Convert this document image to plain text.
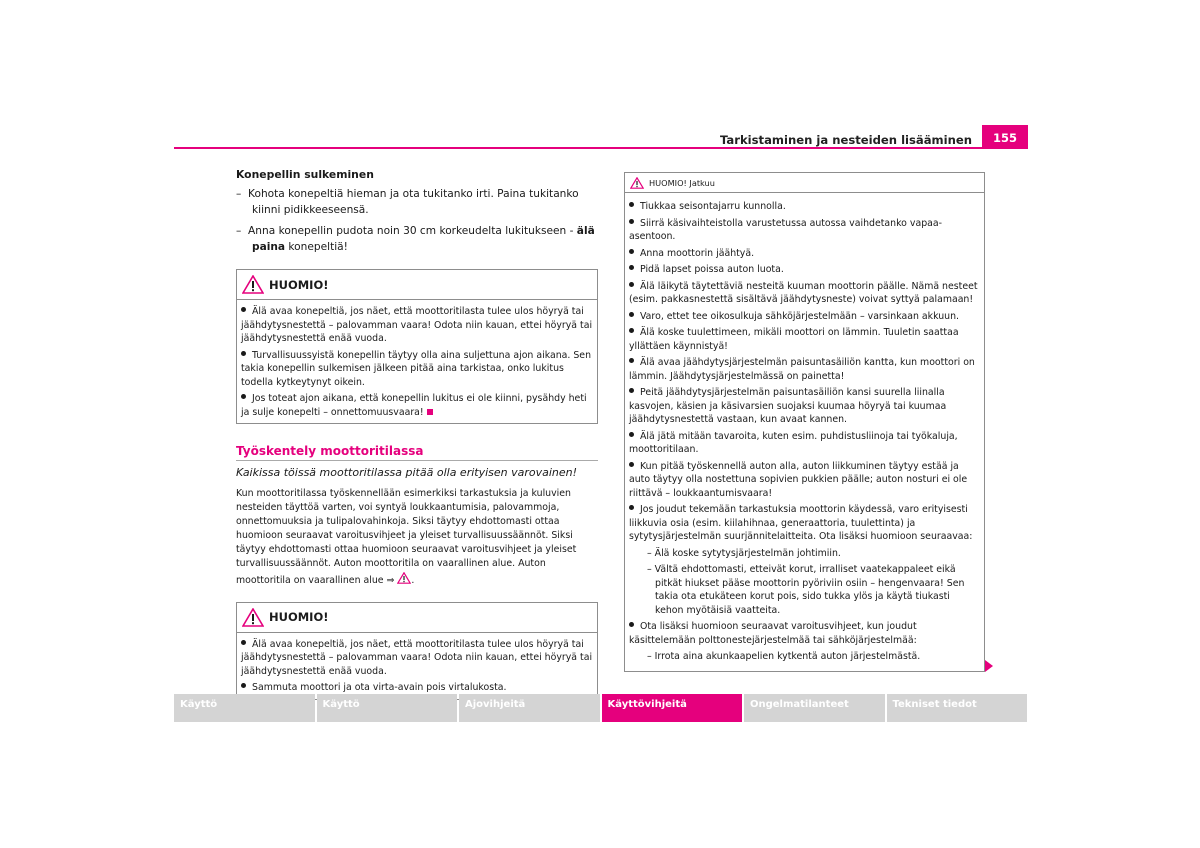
Tarkistaminen ja nesteiden lisääminen	155
Konepellin sulkeminen
– Kohota konepeltiä hieman ja ota tukitanko irti. Paina tukitanko kiinni pidikkeeseensä.
– Anna konepellin pudota noin 30 cm korkeudelta lukitukseen - älä paina konepeltiä!
HUOMIO!

Älä avaa konepeltiä, jos näet, että moottoritilasta tulee ulos höyryä tai jäähdytysnestettä – palovamman vaara! Odota niin kauan, ettei höyryä tai jäähdytysnestettä enää vuoda.

Turvallisuussyistä konepellin täytyy olla aina suljettuna ajon aikana. Sen takia konepellin sulkemisen jälkeen pitää aina tarkistaa, onko lukitus todella kytkeytynyt oikein.

Jos toteat ajon aikana, että konepellin lukitus ei ole kiinni, pysähdy heti ja sulje konepelti – onnettomuusvaara!

Työskentely moottoritilassa
Kaikissa töissä moottoritilassa pitää olla erityisen varovainen!

Kun moottoritilassa työskennellään esimerkiksi tarkastuksia ja kuluvien nesteiden täyttöä varten, voi syntyä loukkaantumisia, palovammoja, onnettomuuksia ja tulipalovahinkoja. Siksi täytyy ehdottomasti ottaa huomioon seuraavat varoitusvihjeet ja yleiset turvallisuussäännöt. Siksi täytyy ehdottomasti ottaa huomioon seuraavat varoitusvihjeet ja yleiset turvallisuussäännöt. Auton moottoritila on vaarallinen alue. Auton moottoritila on vaarallinen alue ⇒ .

HUOMIO!

Älä avaa konepeltiä, jos näet, että moottoritilasta tulee ulos höyryä tai jäähdytysnestettä – palovamman vaara! Odota niin kauan, ettei höyryä tai jäähdytysnestettä enää vuoda.

Sammuta moottori ja ota virta-avain pois virtalukosta.

HUOMIO! Jatkuu

Tiukkaa seisontajarru kunnolla.

Siirrä käsivaihteistolla varustetussa autossa vaihdetanko vapaa-asentoon.

Anna moottorin jäähtyä.

Pidä lapset poissa auton luota.

Älä läikytä täytettäviä nesteitä kuuman moottorin päälle. Nämä nesteet (esim. pakkasnestettä sisältävä jäähdytysneste) voivat syttyä palamaan!

Varo, ettet tee oikosulkuja sähköjärjestelmään – varsinkaan akkuun.

Älä koske tuulettimeen, mikäli moottori on lämmin. Tuuletin saattaa yllättäen käynnistyä!

Älä avaa jäähdytysjärjestelmän paisuntasäiliön kantta, kun moottori on lämmin. Jäähdytysjärjestelmässä on painetta!

Peitä jäähdytysjärjestelmän paisuntasäiliön kansi suurella liinalla kasvojen, käsien ja käsivarsien suojaksi kuumaa höyryä tai kuumaa jäähdytysnestettä vastaan, kun avaat kannen.

Älä jätä mitään tavaroita, kuten esim. puhdistusliinoja tai työkaluja, moottoritilaan.

Kun pitää työskennellä auton alla, auton liikkuminen täytyy estää ja auto täytyy olla nostettuna sopivien pukkien päälle; auton nosturi ei ole riittävä – loukkaantumisvaara!

Jos joudut tekemään tarkastuksia moottorin käydessä, varo erityisesti liikkuvia osia (esim. kiilahihnaa, generaattoria, tuulettinta) ja sytytysjärjestelmän suurjännitelaitteita. Ota lisäksi huomioon seuraavaa:

– Älä koske sytytysjärjestelmän johtimiin.

– Vältä ehdottomasti, etteivät korut, irralliset vaatekappaleet eikä pitkät hiukset pääse moottorin pyöriviin osiin – hengenvaara! Sen takia ota etukäteen korut pois, sido tukka ylös ja käytä tiukasti kehon myötäisiä vaatteita.

Ota lisäksi huomioon seuraavat varoitusvihjeet, kun joudut käsittelemään polttonestejärjestelmää tai sähköjärjestelmää:

– Irrota aina akunkaapelien kytkentä auton järjestelmästä.

Käyttö	Käyttö	Ajovihjeitä	Käyttövihjeitä	Ongelmatilanteet	Tekniset tiedot
